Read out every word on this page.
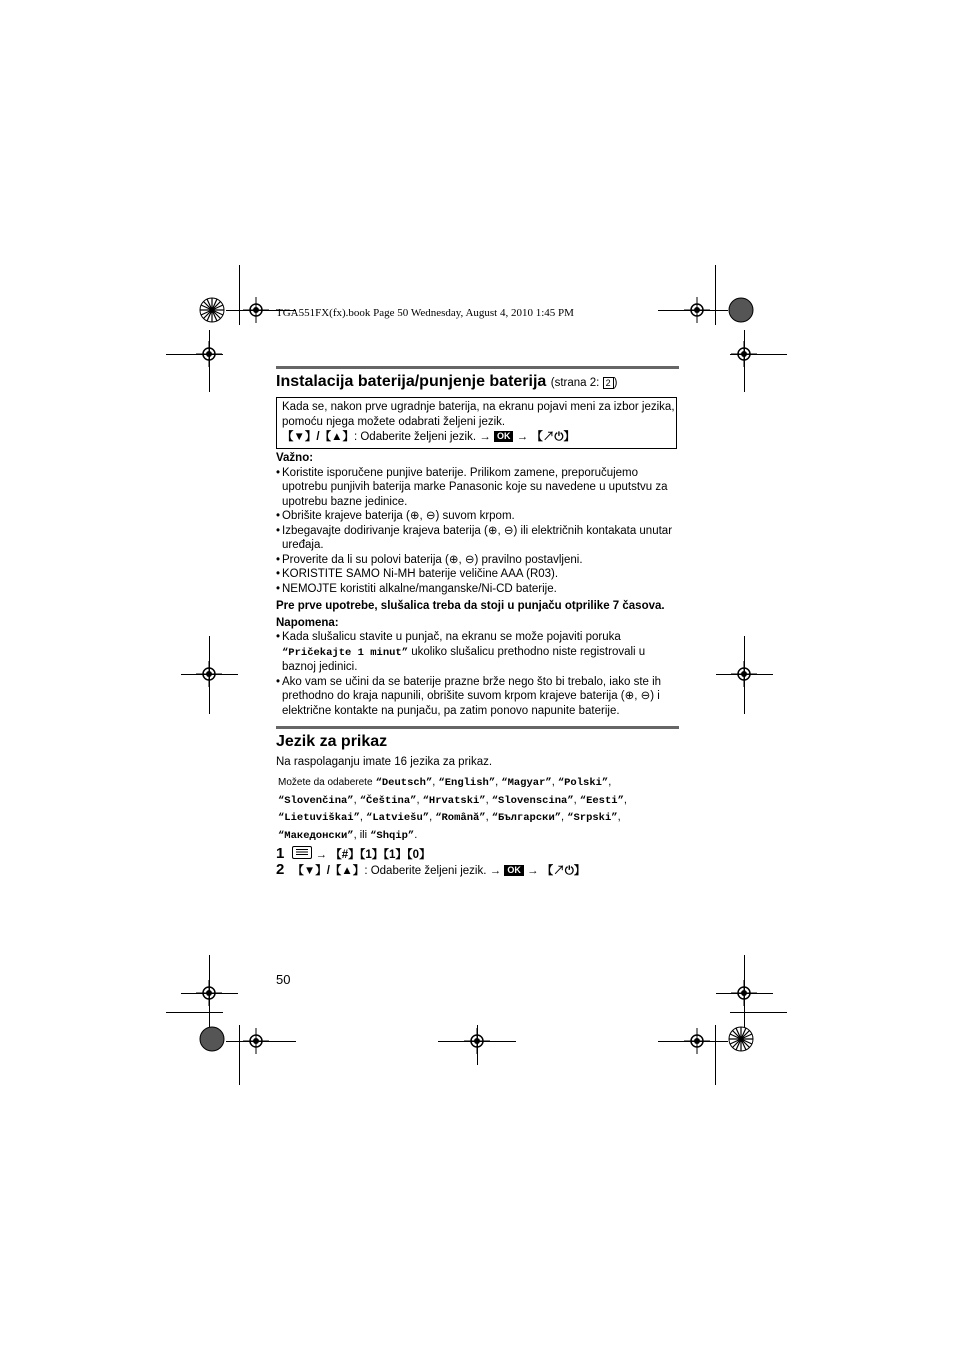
TGA551FX(fx).book Page 50 Wednesday, August 4, 2010 1:45 PM
Instalacija baterija/punjenje baterija (strana 2: 2 )
Kada se, nakon prve ugradnje baterija, na ekranu pojavi meni za izbor jezika,
pomoću njega možete odabrati željeni jezik.
【▼】/【▲】: Odaberite željeni jezik. → OK → 【↗⏻】

Važno:

• Koristite isporučene punjive baterije. Prilikom zamene, preporučujemo upotrebu punjivih baterija marke Panasonic koje su navedene u uputstvu za upotrebu bazne jedinice.
• Obrišite krajeve baterija (⊕, ⊖) suvom krpom.
• Izbegavajte dodirivanje krajeva baterija (⊕, ⊖) ili električnih kontakata unutar uređaja.
• Proverite da li su polovi baterija (⊕, ⊖) pravilno postavljeni.
• KORISTITE SAMO Ni-MH baterije veličine AAA (R03).
• NEMOJTE koristiti alkalne/manganske/Ni-CD baterije.

Pre prve upotrebe, slušalica treba da stoji u punjaču otprilike 7 časova.

Napomena:

• Kada slušalicu stavite u punjač, na ekranu se može pojaviti poruka
“Pričekajte 1 minut” ukoliko slušalicu prethodno niste registrovali u baznoj jedinici.
• Ako vam se učini da se baterije prazne brže nego što bi trebalo, iako ste ih prethodno do kraja napunili, obrišite suvom krpom krajeve baterija (⊕, ⊖) i električne kontakte na punjaču, pa zatim ponovo napunite baterije.
Jezik za prikaz
Na raspolaganju imate 16 jezika za prikaz.
Možete da odaberete “Deutsch”, “English”, “Magyar”, “Polski”, “Slovenčina”, “Čeština”, “Hrvatski”, “Slovenscina”, “Eesti”, “Lietuviškai”, “Latviešu”, “Română”, “Български”, “Srpski”, “Македонски”, ili “Shqip”.
1 → 【#】【1】【1】【0】
2 【▼】/【▲】: Odaberite željeni jezik. → OK → 【↗⏻】
50
